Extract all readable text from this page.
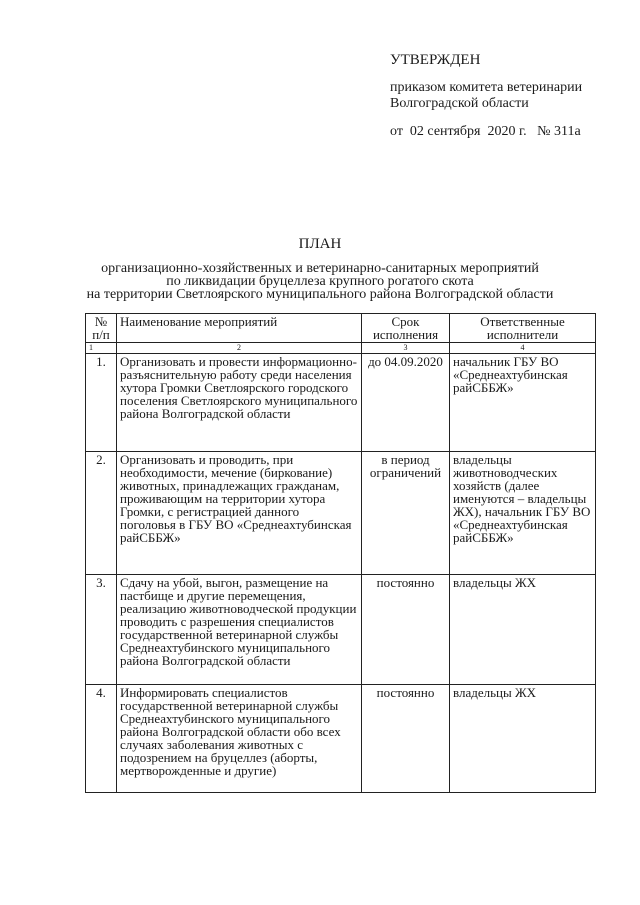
УТВЕРЖДЕН
приказом комитета ветеринарии
Волгоградской области
от  02 сентября  2020 г.   № 311а
ПЛАН
организационно-хозяйственных и ветеринарно-санитарных мероприятий
по ликвидации бруцеллеза крупного рогатого скота
на территории Светлоярского муниципального района Волгоградской области
№ п/п	Наименование мероприятий	Срок исполнения	Ответственные исполнители
1	2	3	4
1.	Организовать и провести информационно-разъяснительную работу среди населения хутора Громки Светлоярского городского поселения Светлоярского муниципального района Волгоградской области	до 04.09.2020	начальник ГБУ ВО «Среднеахтубинская райСББЖ»
2.	Организовать и проводить, при необходимости, мечение (биркование) животных, принадлежащих гражданам, проживающим на территории хутора Громки, с регистрацией данного поголовья в ГБУ ВО «Среднеахтубинская райСББЖ»	в период ограничений	владельцы животноводческих хозяйств (далее именуются – владельцы ЖХ), начальник ГБУ ВО «Среднеахтубинская райСББЖ»
3.	Сдачу на убой, выгон, размещение на пастбище и другие перемещения, реализацию животноводческой продукции проводить с разрешения специалистов государственной ветеринарной службы Среднеахтубинского муниципального района Волгоградской области	постоянно	владельцы ЖХ
4.	Информировать специалистов государственной ветеринарной службы Среднеахтубинского муниципального района Волгоградской области обо всех случаях заболевания животных с подозрением на бруцеллез (аборты, мертворожденные и другие)	постоянно	владельцы ЖХ
